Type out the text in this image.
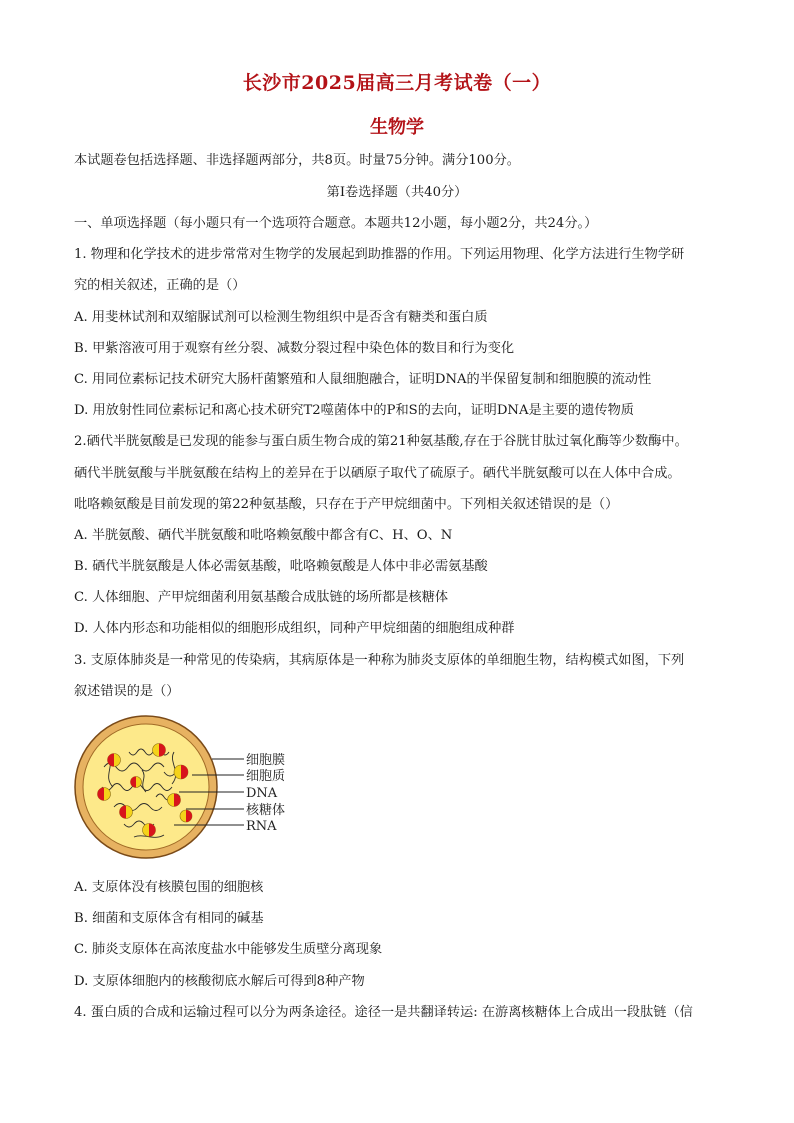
长沙市2025届高三月考试卷（一）
生物学
本试题卷包括选择题、非选择题两部分，共8页。时量75分钟。满分100分。
第Ⅰ卷选择题（共40分）
一、单项选择题（每小题只有一个选项符合题意。本题共12小题，每小题2分，共24分。）
1. 物理和化学技术的进步常常对生物学的发展起到助推器的作用。下列运用物理、化学方法进行生物学研
究的相关叙述，正确的是（）
A. 用斐林试剂和双缩脲试剂可以检测生物组织中是否含有糖类和蛋白质
B. 甲紫溶液可用于观察有丝分裂、减数分裂过程中染色体的数目和行为变化
C. 用同位素标记技术研究大肠杆菌繁殖和人鼠细胞融合，证明DNA的半保留复制和细胞膜的流动性
D. 用放射性同位素标记和离心技术研究T2噬菌体中的P和S的去向，证明DNA是主要的遗传物质
2.硒代半胱氨酸是已发现的能参与蛋白质生物合成的第21种氨基酸,存在于谷胱甘肽过氧化酶等少数酶中。
硒代半胱氨酸与半胱氨酸在结构上的差异在于以硒原子取代了硫原子。硒代半胱氨酸可以在人体中合成。
吡咯赖氨酸是目前发现的第22种氨基酸，只存在于产甲烷细菌中。下列相关叙述错误的是（）
A. 半胱氨酸、硒代半胱氨酸和吡咯赖氨酸中都含有C、H、O、N
B. 硒代半胱氨酸是人体必需氨基酸，吡咯赖氨酸是人体中非必需氨基酸
C. 人体细胞、产甲烷细菌利用氨基酸合成肽链的场所都是核糖体
D. 人体内形态和功能相似的细胞形成组织，同种产甲烷细菌的细胞组成种群
3. 支原体肺炎是一种常见的传染病，其病原体是一种称为肺炎支原体的单细胞生物，结构模式如图，下列
叙述错误的是（）
细胞膜
细胞质
DNA
核糖体
RNA
A. 支原体没有核膜包围的细胞核
B. 细菌和支原体含有相同的碱基
C. 肺炎支原体在高浓度盐水中能够发生质壁分离现象
D. 支原体细胞内的核酸彻底水解后可得到8种产物
4. 蛋白质的合成和运输过程可以分为两条途径。途径一是共翻译转运: 在游离核糖体上合成出一段肽链（信
